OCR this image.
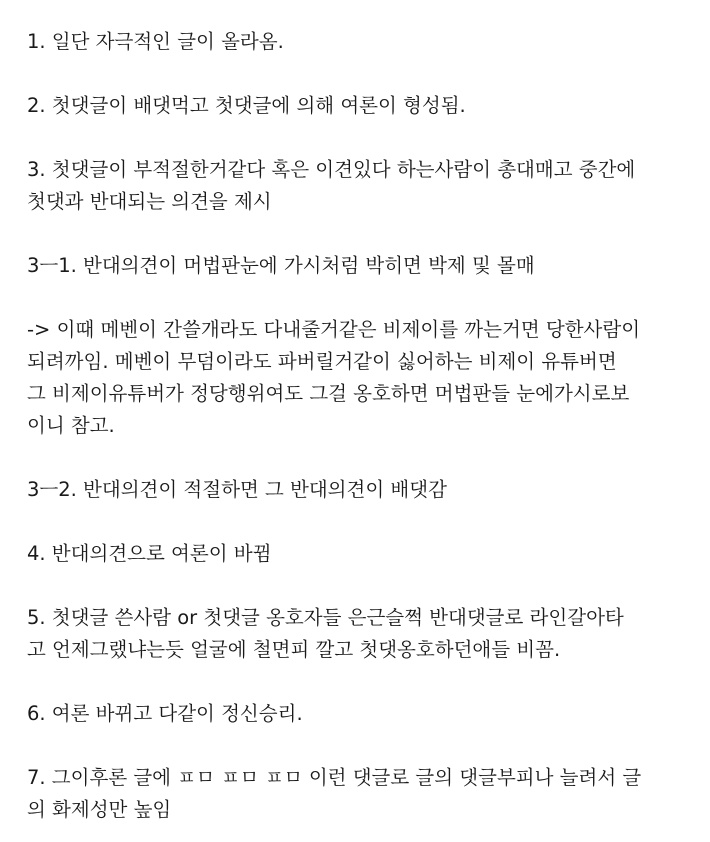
1. 일단 자극적인 글이 올라옴.

2. 첫댓글이 배댓먹고 첫댓글에 의해 여론이 형성됨.

3. 첫댓글이 부적절한거같다 혹은 이견있다 하는사람이 총대매고 중간에
첫댓과 반대되는 의견을 제시

3ㅡ1. 반대의견이 머법판눈에 가시처럼 박히면 박제 및 몰매

-> 이때 메벤이 간쓸개라도 다내줄거같은 비제이를 까는거면 당한사람이
되려까임. 메벤이 무덤이라도 파버릴거같이 싫어하는 비제이 유튜버면
그 비제이유튜버가 정당행위여도 그걸 옹호하면 머법판들 눈에가시로보
이니 참고.

3ㅡ2. 반대의견이 적절하면 그 반대의견이 배댓감

4. 반대의견으로 여론이 바뀜

5. 첫댓글 쓴사람 or 첫댓글 옹호자들 은근슬쩍 반대댓글로 라인갈아타
고 언제그랬냐는듯 얼굴에 철면피 깔고 첫댓옹호하던애들 비꼼.

6. 여론 바뀌고 다같이 정신승리.

7. 그이후론 글에 ㅍㅁ ㅍㅁ ㅍㅁ 이런 댓글로 글의 댓글부피나 늘려서 글
의 화제성만 높임
